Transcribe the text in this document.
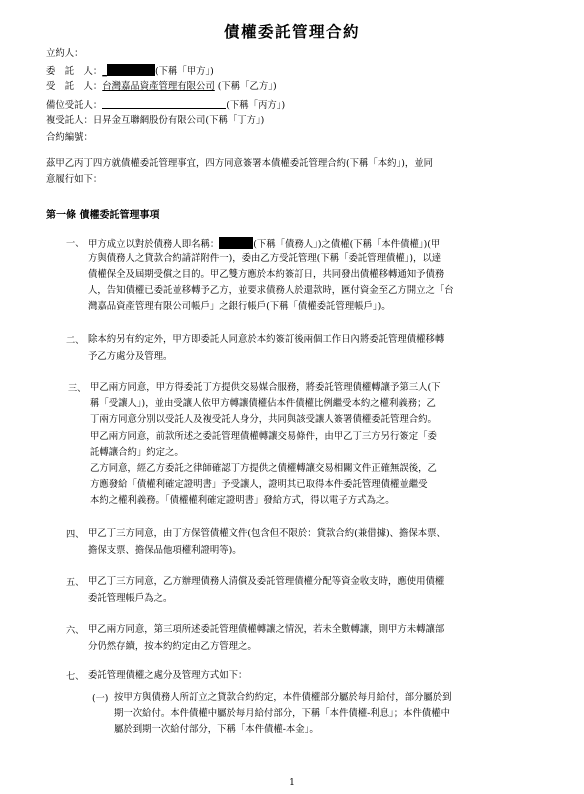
債權委託管理合約
立約人：
委　託　人：_	(下稱「甲方」)
受　託　人：台灣嘉品資產管理有限公司 (下稱「乙方」)
備位受託人：	(下稱「丙方」)
複受託人：日昇金互聯網股份有限公司(下稱「丁方」)
合約編號：
茲甲乙丙丁四方就債權委託管理事宜，四方同意簽署本債權委託管理合約(下稱「本約」)，並同
意履行如下：
第一條 債權委託管理事項
一、 甲方成立以對於債務人即名稱：	(下稱「債務人」)之債權(下稱「本件債權」)(甲
方與債務人之貸款合約請詳附件一)，委由乙方受託管理(下稱「委託管理債權」)，以達
債權保全及屆期受償之目的。甲乙雙方應於本約簽訂日，共同發出債權移轉通知予債務
人，告知債權已委託並移轉予乙方，並要求債務人於還款時，匯付資金至乙方開立之「台
灣嘉品資產管理有限公司帳戶」之銀行帳戶(下稱「債權委託管理帳戶」)。
二、 除本約另有約定外，甲方即委託人同意於本約簽訂後兩個工作日內將委託管理債權移轉
予乙方處分及管理。
三、 甲乙兩方同意，甲方得委託丁方提供交易媒合服務，將委託管理債權轉讓予第三人(下
稱「受讓人」)，並由受讓人依甲方轉讓債權佔本件債權比例繼受本約之權利義務；乙
丁兩方同意分別以受託人及複受託人身分，共同與該受讓人簽署債權委託管理合約。
甲乙兩方同意，前款所述之委託管理債權轉讓交易條件，由甲乙丁三方另行簽定「委
託轉讓合約」約定之。
乙方同意，經乙方委託之律師確認丁方提供之債權轉讓交易相關文件正確無誤後，乙
方應發給「債權利確定證明書」予受讓人，證明其已取得本件委託管理債權並繼受
本約之權利義務。「債權權利確定證明書」發給方式，得以電子方式為之。
四、 甲乙丁三方同意，由丁方保管債權文件(包含但不限於：貸款合約(兼借據)、擔保本票、
擔保支票、擔保品他項權利證明等)。
五、 甲乙丁三方同意，乙方辦理債務人清償及委託管理債權分配等資金收支時，應使用債權
委託管理帳戶為之。
六、 甲乙兩方同意，第三項所述委託管理債權轉讓之情況，若未全數轉讓，則甲方未轉讓部
分仍然存續，按本約約定由乙方管理之。
七、 委託管理債權之處分及管理方式如下：
(一) 按甲方與債務人所訂立之貸款合約約定，本件債權部分屬於每月給付，部分屬於到
期一次給付。本件債權中屬於每月給付部分，下稱「本件債權-利息」；本件債權中
屬於到期一次給付部分，下稱「本件債權-本金」。
1
